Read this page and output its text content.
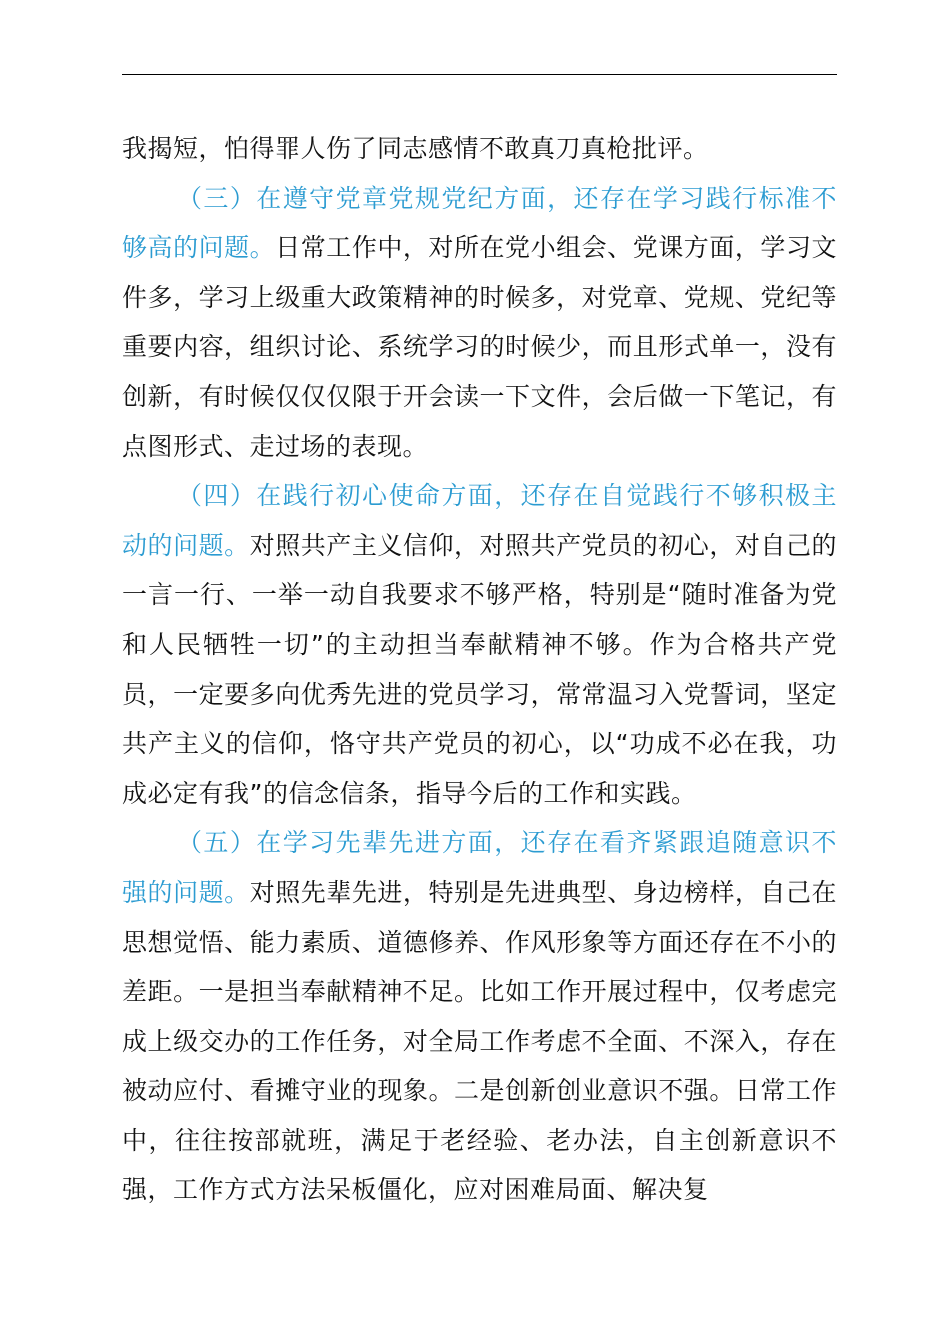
我揭短，怕得罪人伤了同志感情不敢真刀真枪批评。

（三）在遵守党章党规党纪方面，还存在学习践行标准不够高的问题。日常工作中，对所在党小组会、党课方面，学习文件多，学习上级重大政策精神的时候多，对党章、党规、党纪等重要内容，组织讨论、系统学习的时候少，而且形式单一，没有创新，有时候仅仅仅限于开会读一下文件，会后做一下笔记，有点图形式、走过场的表现。

（四）在践行初心使命方面，还存在自觉践行不够积极主动的问题。对照共产主义信仰，对照共产党员的初心，对自己的一言一行、一举一动自我要求不够严格，特别是“随时准备为党和人民牺牲一切”的主动担当奉献精神不够。作为合格共产党员，一定要多向优秀先进的党员学习，常常温习入党誓词，坚定共产主义的信仰，恪守共产党员的初心，以“功成不必在我，功成必定有我”的信念信条，指导今后的工作和实践。

（五）在学习先辈先进方面，还存在看齐紧跟追随意识不强的问题。对照先辈先进，特别是先进典型、身边榜样，自己在思想觉悟、能力素质、道德修养、作风形象等方面还存在不小的差距。一是担当奉献精神不足。比如工作开展过程中，仅考虑完成上级交办的工作任务，对全局工作考虑不全面、不深入，存在被动应付、看摊守业的现象。二是创新创业意识不强。日常工作中，往往按部就班，满足于老经验、老办法，自主创新意识不强，工作方式方法呆板僵化，应对困难局面、解决复
